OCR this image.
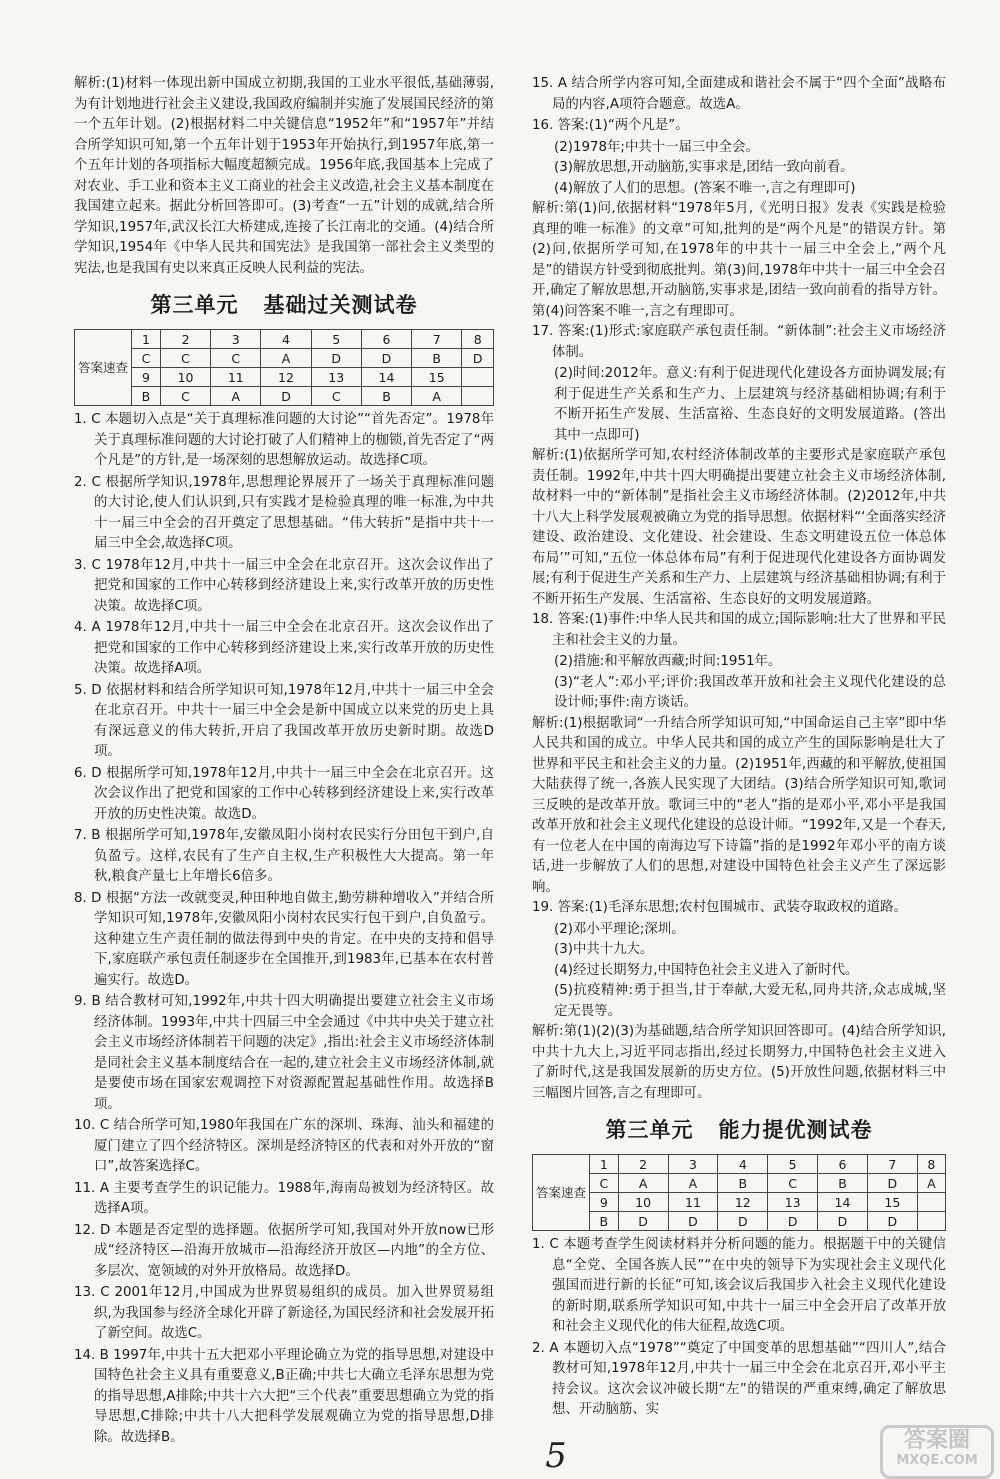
解析:(1)材料一体现出新中国成立初期,我国的工业水平很低,基础薄弱,为有计划地进行社会主义建设,我国政府编制并实施了发展国民经济的第一个五年计划。(2)根据材料二中关键信息“1952年”和“1957年”并结合所学知识可知,第一个五年计划于1953年开始执行,到1957年底,第一个五年计划的各项指标大幅度超额完成。1956年底,我国基本上完成了对农业、手工业和资本主义工商业的社会主义改造,社会主义基本制度在我国建立起来。据此分析回答即可。(3)考查“一五”计划的成就,结合所学知识,1957年,武汉长江大桥建成,连接了长江南北的交通。(4)结合所学知识,1954年《中华人民共和国宪法》是我国第一部社会主义类型的宪法,也是我国有史以来真正反映人民利益的宪法。

第三单元   基础过关测试卷
答案速查	1	2	3	4	5	6	7	8
	C	C	C	A	D	D	B	D
	9	10	11	12	13	14	15	
	B	C	A	D	C	B	A	

1. C 本题切入点是“关于真理标准问题的大讨论”“首先否定”。1978年关于真理标准问题的大讨论打破了人们精神上的枷锁,首先否定了“两个凡是”的方针,是一场深刻的思想解放运动。故选择C项。

2. C 根据所学知识,1978年,思想理论界展开了一场关于真理标准问题的大讨论,使人们认识到,只有实践才是检验真理的唯一标准,为中共十一届三中全会的召开奠定了思想基础。“伟大转折”是指中共十一届三中全会,故选择C项。

3. C 1978年12月,中共十一届三中全会在北京召开。这次会议作出了把党和国家的工作中心转移到经济建设上来,实行改革开放的历史性决策。故选择C项。

4. A 1978年12月,中共十一届三中全会在北京召开。这次会议作出了把党和国家的工作中心转移到经济建设上来,实行改革开放的历史性决策。故选择A项。

5. D 依据材料和结合所学知识可知,1978年12月,中共十一届三中全会在北京召开。中共十一届三中全会是新中国成立以来党的历史上具有深远意义的伟大转折,开启了我国改革开放历史新时期。故选D项。

6. D 根据所学可知,1978年12月,中共十一届三中全会在北京召开。这次会议作出了把党和国家的工作中心转移到经济建设上来,实行改革开放的历史性决策。故选D。

7. B 根据所学可知,1978年,安徽凤阳小岗村农民实行分田包干到户,自负盈亏。这样,农民有了生产自主权,生产积极性大大提高。第一年秋,粮食产量七上年增长6倍多。

8. D 根据“方法一改就变灵,种田种地自做主,勤劳耕种增收入”并结合所学知识可知,1978年,安徽凤阳小岗村农民实行包干到户,自负盈亏。这种建立生产责任制的做法得到中央的肯定。在中央的支持和倡导下,家庭联产承包责任制逐步在全国推开,到1983年,已基本在农村普遍实行。故选D。

9. B 结合教材可知,1992年,中共十四大明确提出要建立社会主义市场经济体制。1993年,中共十四届三中全会通过《中共中央关于建立社会主义市场经济体制若干问题的决定》,指出:社会主义市场经济体制是同社会主义基本制度结合在一起的,建立社会主义市场经济体制,就是要使市场在国家宏观调控下对资源配置起基础性作用。故选择B项。

10. C 结合所学可知,1980年我国在广东的深圳、珠海、汕头和福建的厦门建立了四个经济特区。深圳是经济特区的代表和对外开放的“窗口”,故答案选择C。

11. A 主要考查学生的识记能力。1988年,海南岛被划为经济特区。故选择A项。

12. D 本题是否定型的选择题。依据所学可知,我国对外开放now已形成“经济特区—沿海开放城市—沿海经济开放区—内地”的全方位、多层次、宽领域的对外开放格局。故选择D。

13. C 2001年12月,中国成为世界贸易组织的成员。加入世界贸易组织,为我国参与经济全球化开辟了新途径,为国民经济和社会发展开拓了新空间。故选C。

14. B 1997年,中共十五大把邓小平理论确立为党的指导思想,对建设中国特色社会主义具有重要意义,B正确;中共七大确立毛泽东思想为党的指导思想,A排除;中共十六大把“三个代表”重要思想确立为党的指导思想,C排除;中共十八大把科学发展观确立为党的指导思想,D排除。故选择B。

15. A 结合所学内容可知,全面建成和谐社会不属于“四个全面”战略布局的内容,A项符合题意。故选A。

16. 答案:(1)“两个凡是”。

(2)1978年;中共十一届三中全会。

(3)解放思想,开动脑筋,实事求是,团结一致向前看。

(4)解放了人们的思想。(答案不唯一,言之有理即可)

解析:第(1)问,依据材料“1978年5月,《光明日报》发表《实践是检验真理的唯一标准》的文章”可知,批判的是“两个凡是”的错误方针。第(2)问,依据所学可知,在1978年的中共十一届三中全会上,“两个凡是”的错误方针受到彻底批判。第(3)问,1978年中共十一届三中全会召开,确定了解放思想,开动脑筋,实事求是,团结一致向前看的指导方针。第(4)问答案不唯一,言之有理即可。

17. 答案:(1)形式:家庭联产承包责任制。“新体制”:社会主义市场经济体制。

(2)时间:2012年。意义:有利于促进现代化建设各方面协调发展;有利于促进生产关系和生产力、上层建筑与经济基础相协调;有利于不断开拓生产发展、生活富裕、生态良好的文明发展道路。(答出其中一点即可)

解析:(1)依据所学可知,农村经济体制改革的主要形式是家庭联产承包责任制。1992年,中共十四大明确提出要建立社会主义市场经济体制,故材料一中的“新体制”是指社会主义市场经济体制。(2)2012年,中共十八大上科学发展观被确立为党的指导思想。依据材料“‘全面落实经济建设、政治建设、文化建设、社会建设、生态文明建设五位一体总体布局’”可知,“五位一体总体布局”有利于促进现代化建设各方面协调发展;有利于促进生产关系和生产力、上层建筑与经济基础相协调;有利于不断开拓生产发展、生活富裕、生态良好的文明发展道路。

18. 答案:(1)事件:中华人民共和国的成立;国际影响:壮大了世界和平民主和社会主义的力量。

(2)措施:和平解放西藏;时间:1951年。

(3)“老人”:邓小平;评价:我国改革开放和社会主义现代化建设的总设计师;事件:南方谈话。

解析:(1)根据歌词“一升结合所学知识可知,“中国命运自己主宰”即中华人民共和国的成立。中华人民共和国的成立产生的国际影响是壮大了世界和平民主和社会主义的力量。(2)1951年,西藏的和平解放,使祖国大陆获得了统一,各族人民实现了大团结。(3)结合所学知识可知,歌词三反映的是改革开放。歌词三中的“老人”指的是邓小平,邓小平是我国改革开放和社会主义现代化建设的总设计师。“1992年,又是一个春天,有一位老人在中国的南海边写下诗篇”指的是1992年邓小平的南方谈话,进一步解放了人们的思想,对建设中国特色社会主义产生了深远影响。

19. 答案:(1)毛泽东思想;农村包围城市、武装夺取政权的道路。

(2)邓小平理论;深圳。

(3)中共十九大。

(4)经过长期努力,中国特色社会主义进入了新时代。

(5)抗疫精神:勇于担当,甘于奉献,大爱无私,同舟共济,众志成城,坚定无畏等。

解析:第(1)(2)(3)为基础题,结合所学知识回答即可。(4)结合所学知识,中共十九大上,习近平同志指出,经过长期努力,中国特色社会主义进入了新时代,这是我国发展新的历史方位。(5)开放性问题,依据材料三中三幅图片回答,言之有理即可。

第三单元   能力提优测试卷
答案速查	1	2	3	4	5	6	7	8
	C	A	A	B	C	B	D	A
	9	10	11	12	13	14	15	
	B	D	D	D	D	D	D	

1. C 本题考查学生阅读材料并分析问题的能力。根据题干中的关键信息“全党、全国各族人民”“在中央的领导下为实现社会主义现代化强国而进行新的长征”可知,该会议后我国步入社会主义现代化建设的新时期,联系所学知识可知,中共十一届三中全会开启了改革开放和社会主义现代化的伟大征程,故选C项。

2. A 本题切入点“1978”“奠定了中国变革的思想基础”“四川人”,结合教材可知,1978年12月,中共十一届三中全会在北京召开,邓小平主持会议。这次会议冲破长期“左”的错误的严重束缚,确定了解放思想、开动脑筋、实

5	答案圈
MXQE.COM
